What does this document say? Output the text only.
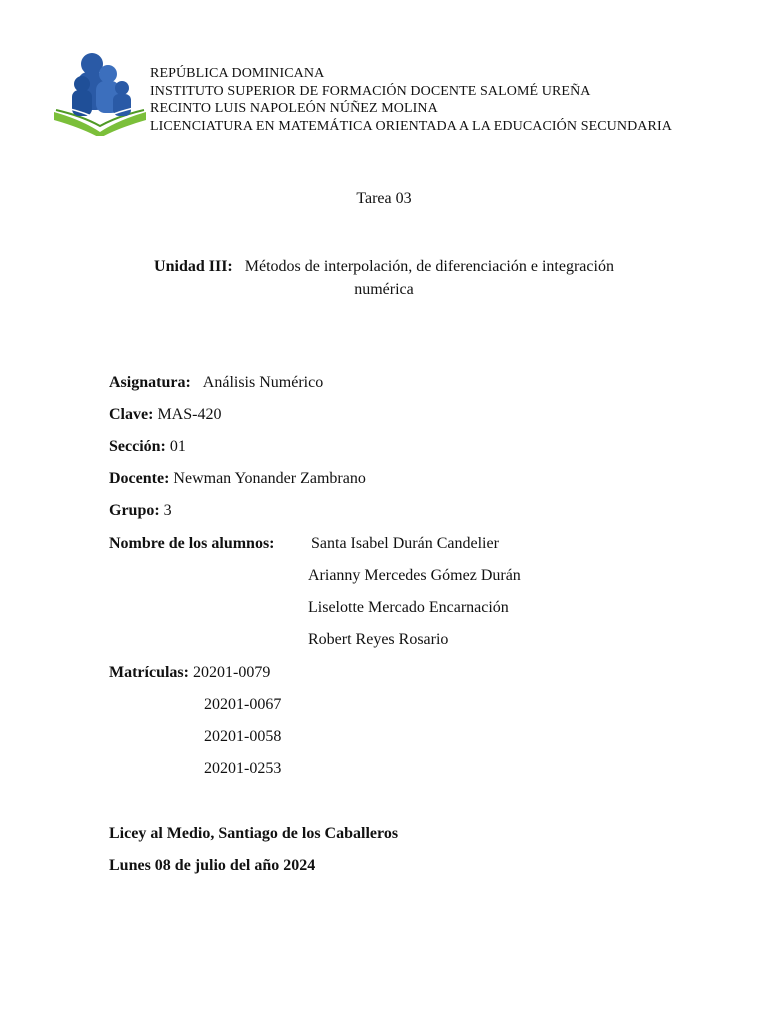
REPÚBLICA DOMINICANA
INSTITUTO SUPERIOR DE FORMACIÓN DOCENTE SALOMÉ UREÑA
RECINTO LUIS NAPOLEÓN NÚÑEZ MOLINA
LICENCIATURA EN MATEMÁTICA ORIENTADA A LA EDUCACIÓN SECUNDARIA
Tarea 03
Unidad III: Métodos de interpolación, de diferenciación e integración
numérica
Asignatura: Análisis Numérico
Clave: MAS-420
Sección: 01
Docente: Newman Yonander Zambrano
Grupo: 3
Nombre de los alumnos: Santa Isabel Durán Candelier
Arianny Mercedes Gómez Durán
Liselotte Mercado Encarnación
Robert Reyes Rosario
Matrículas: 20201-0079
20201-0067
20201-0058
20201-0253
Licey al Medio, Santiago de los Caballeros
Lunes 08 de julio del año 2024
